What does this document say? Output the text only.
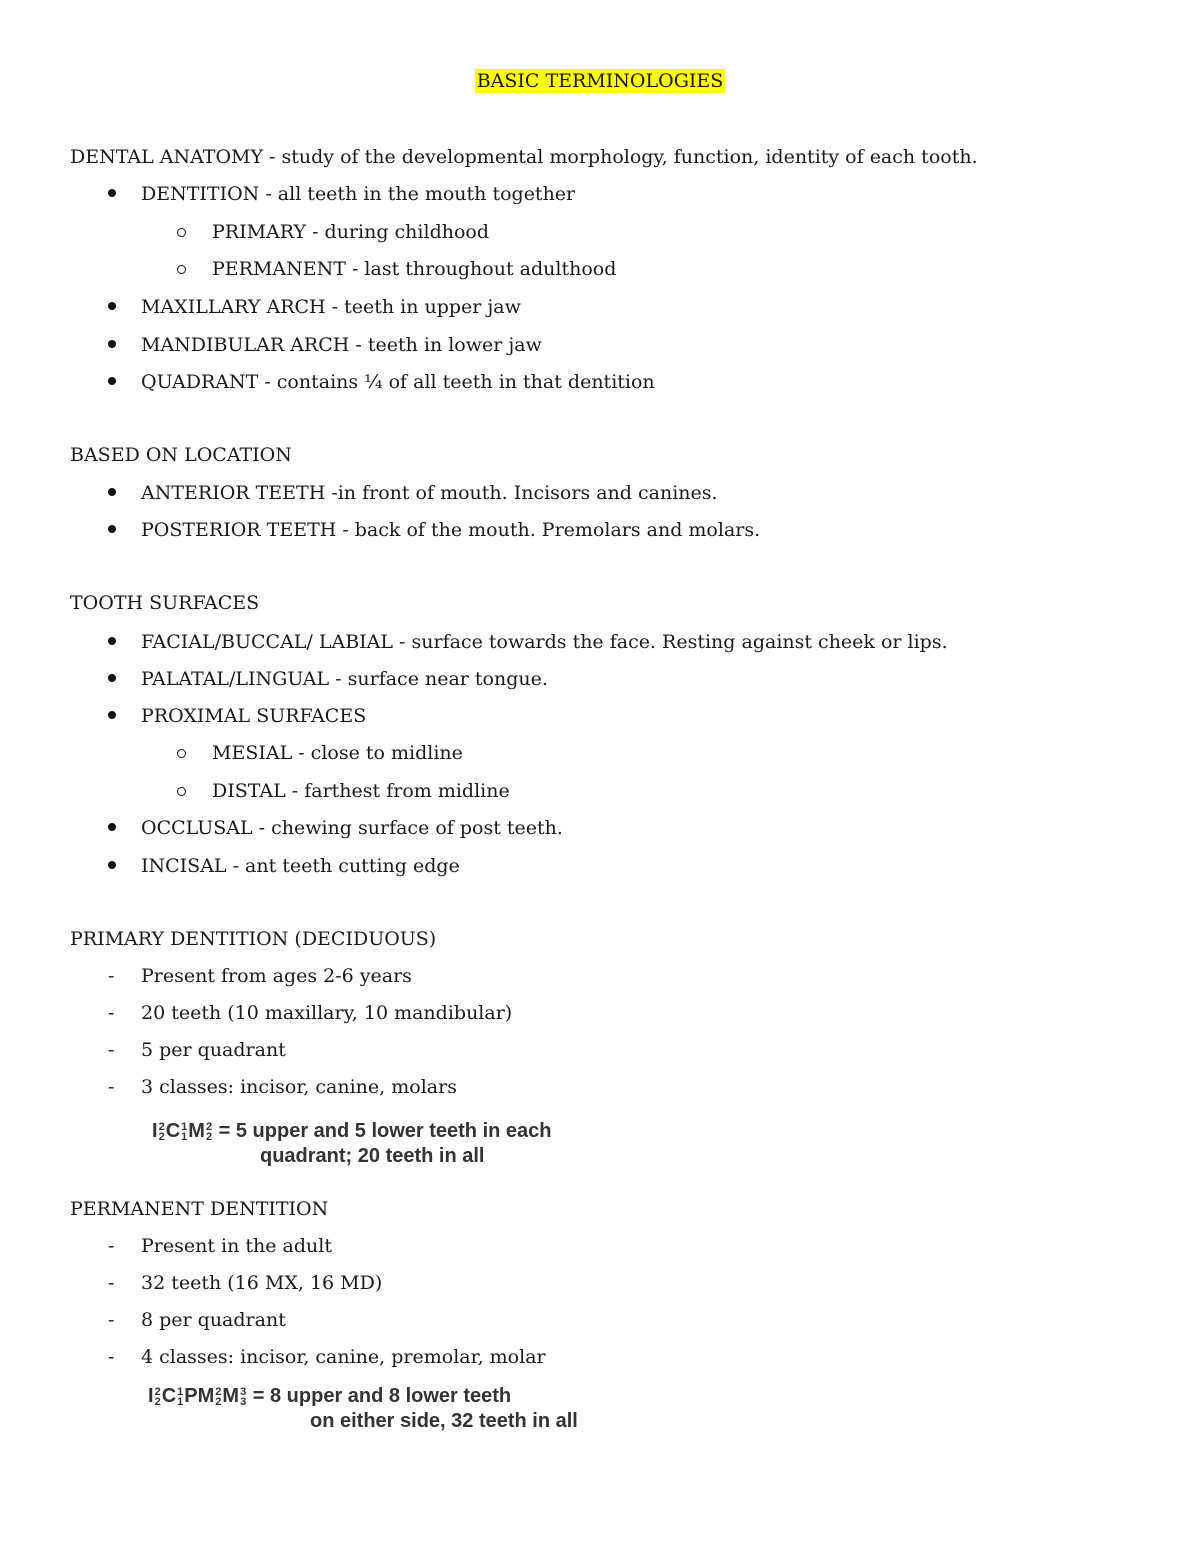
BASIC TERMINOLOGIES
DENTAL ANATOMY - study of the developmental morphology, function, identity of each tooth.
DENTITION - all teeth in the mouth together
PRIMARY - during childhood
PERMANENT - last throughout adulthood
MAXILLARY ARCH - teeth in upper jaw
MANDIBULAR ARCH - teeth in lower jaw
QUADRANT - contains ¼ of all teeth in that dentition
BASED ON LOCATION
ANTERIOR TEETH -in front of mouth. Incisors and canines.
POSTERIOR TEETH - back of the mouth. Premolars and molars.
TOOTH SURFACES
FACIAL/BUCCAL/ LABIAL - surface towards the face. Resting against cheek or lips.
PALATAL/LINGUAL - surface near tongue.
PROXIMAL SURFACES
MESIAL - close to midline
DISTAL - farthest from midline
OCCLUSAL - chewing surface of post teeth.
INCISAL - ant teeth cutting edge
PRIMARY DENTITION (DECIDUOUS)
- Present from ages 2-6 years
- 20 teeth (10 maxillary, 10 mandibular)
- 5 per quadrant
- 3 classes: incisor, canine, molars
I 2
2 C 1
1 M 2
2 = 5 upper and 5 lower teeth in each
quadrant; 20 teeth in all
PERMANENT DENTITION
- Present in the adult
- 32 teeth (16 MX, 16 MD)
- 8 per quadrant
- 4 classes: incisor, canine, premolar, molar
I 2
2 C 1
1 PM 2
2 M 3
3 = 8 upper and 8 lower teeth
on either side, 32 teeth in all
